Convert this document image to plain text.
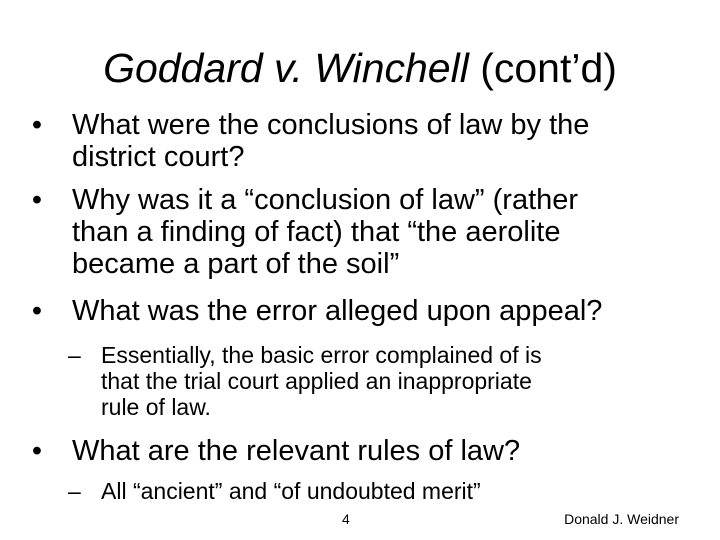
Goddard v. Winchell (cont’d)
• What were the conclusions of law by the
district court?
• Why was it a “conclusion of law” (rather
than a finding of fact) that “the aerolite
became a part of the soil”
• What was the error alleged upon appeal?
– Essentially, the basic error complained of is
that the trial court applied an inappropriate
rule of law.
• What are the relevant rules of law?
– All “ancient” and “of undoubted merit”
4	Donald J. Weidner
